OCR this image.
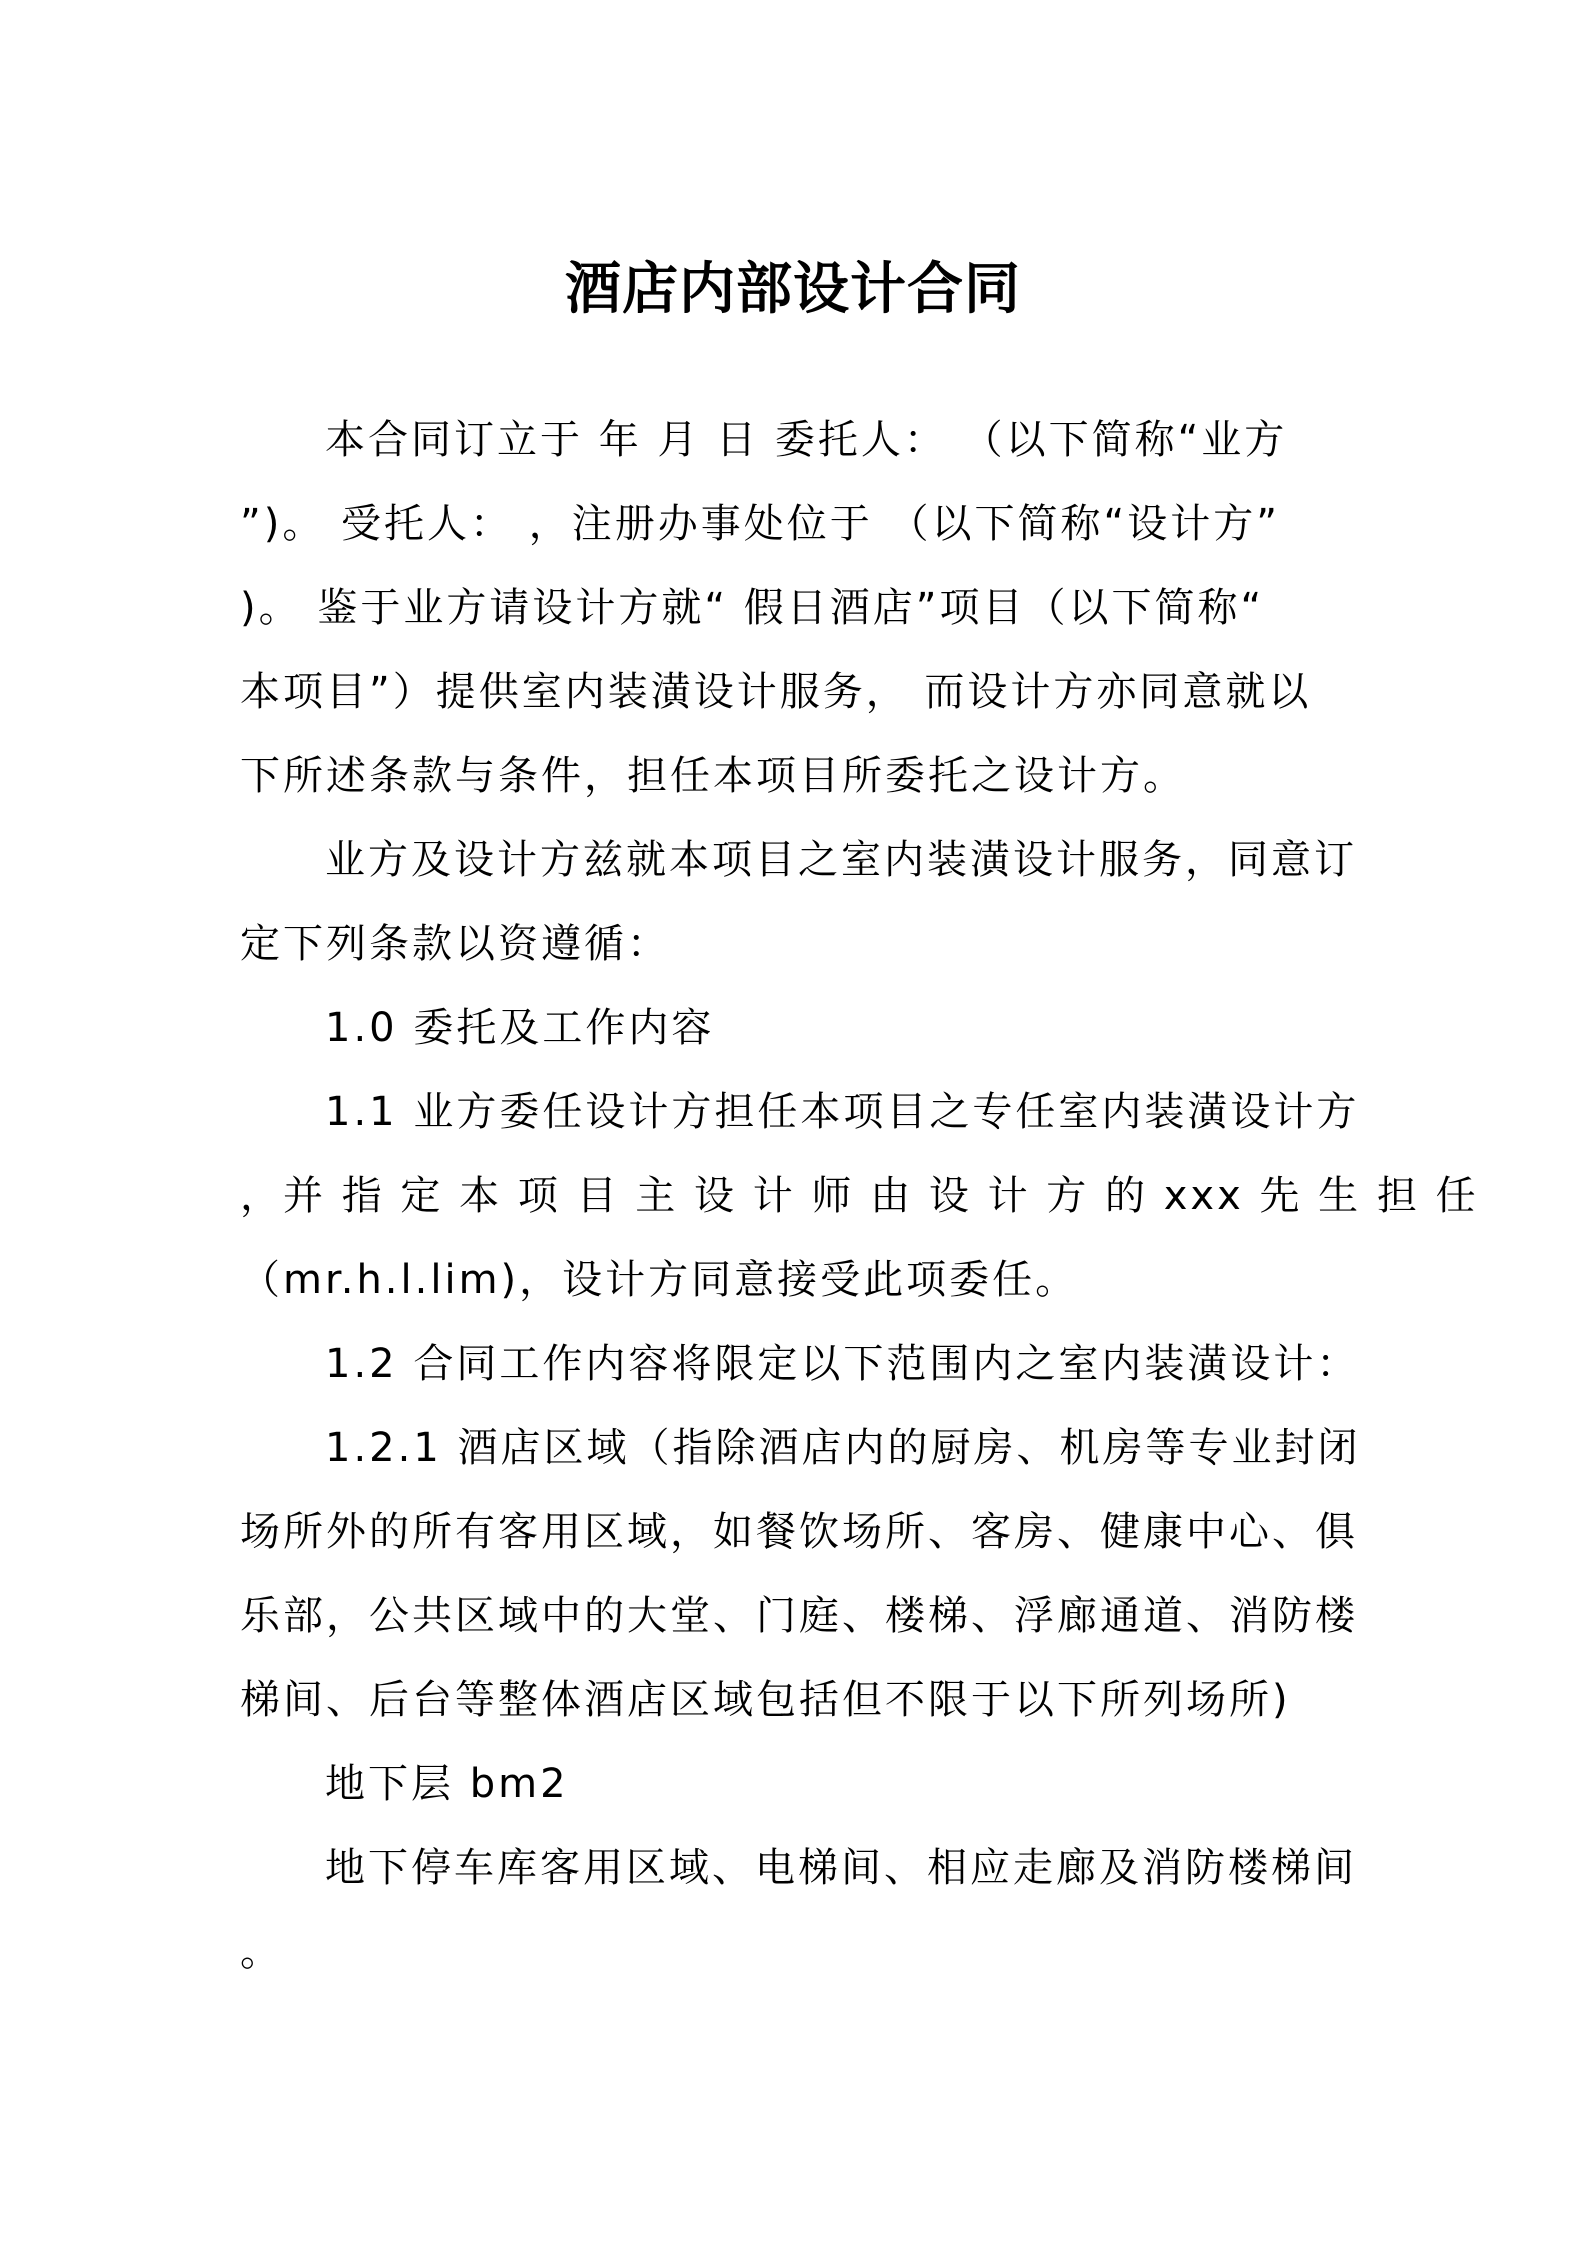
酒店内部设计合同
本合同订立于 年 月 日 委托人： （以下简称“业方
”)。 受托人： ，注册办事处位于 （以下简称“设计方”
)。 鉴于业方请设计方就“ 假日酒店”项目（以下简称“
本项目”）提供室内装潢设计服务， 而设计方亦同意就以
下所述条款与条件，担任本项目所委托之设计方。
业方及设计方兹就本项目之室内装潢设计服务，同意订
定下列条款以资遵循：
1.0 委托及工作内容
1.1 业方委任设计方担任本项目之专任室内装潢设计方
，并 指 定 本 项 目 主 设 计 师 由 设 计 方 的 xxx 先 生 担 任
（mr.h.l.lim)，设计方同意接受此项委任。
1.2 合同工作内容将限定以下范围内之室内装潢设计：
1.2.1 酒店区域（指除酒店内的厨房、机房等专业封闭
场所外的所有客用区域，如餐饮场所、客房、健康中心、俱
乐部，公共区域中的大堂、门庭、楼梯、浮廊通道、消防楼
梯间、后台等整体酒店区域包括但不限于以下所列场所)
地下层 bm2
地下停车库客用区域、电梯间、相应走廊及消防楼梯间
。
